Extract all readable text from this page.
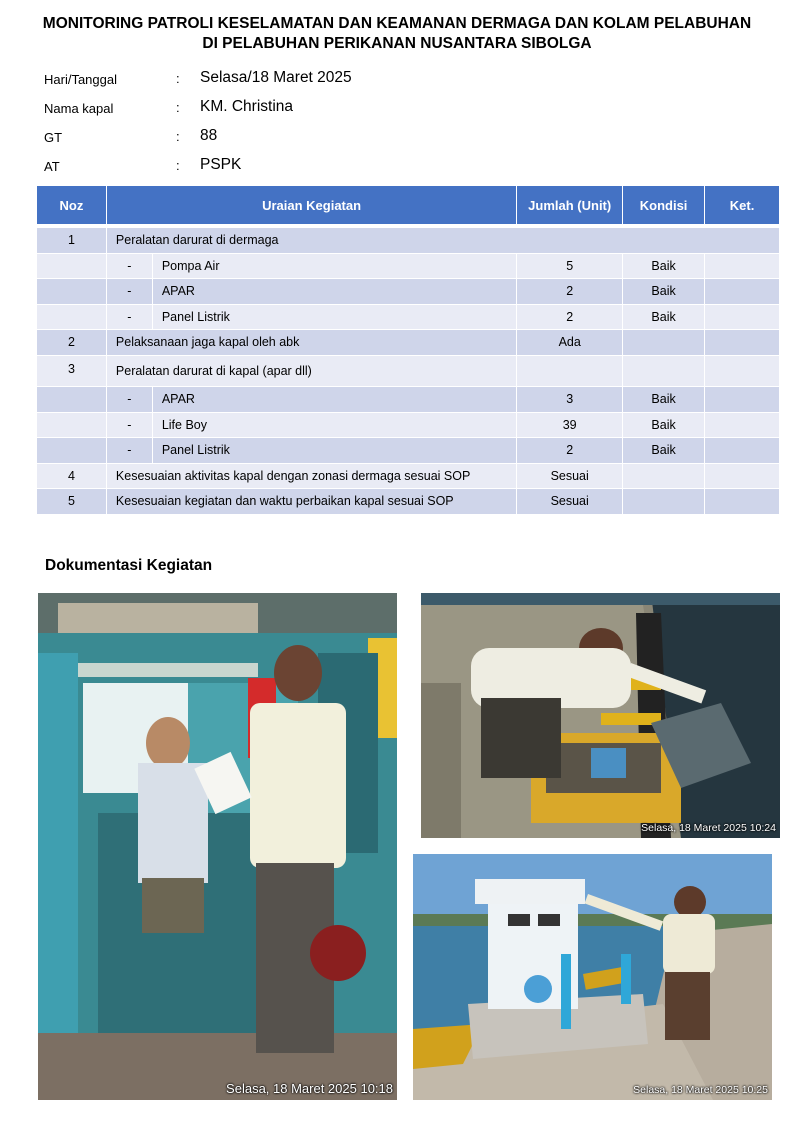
MONITORING PATROLI KESELAMATAN DAN KEAMANAN DERMAGA DAN KOLAM PELABUHAN
DI PELABUHAN PERIKANAN NUSANTARA SIBOLGA
Hari/Tanggal	: Selasa/18 Maret 2025
Nama kapal	: KM. Christina
GT	: 88
AT	: PSPK
Noz	Uraian Kegiatan		Jumlah (Unit)	Kondisi	Ket.

1	Peralatan darurat di dermaga				
	-	Pompa Air	5	Baik	
	-	APAR	2	Baik	
	-	Panel Listrik	2	Baik	
2	Pelaksanaan jaga kapal oleh abk		Ada		
3	Peralatan darurat di kapal (apar dll)				
	-	APAR	3	Baik	
	-	Life Boy	39	Baik	
	-	Panel Listrik	2	Baik	
4	Kesesuaian aktivitas kapal dengan zonasi dermaga sesuai SOP		Sesuai		
5	Kesesuaian kegiatan dan waktu perbaikan kapal sesuai SOP		Sesuai		
Dokumentasi Kegiatan
Selasa, 18 Maret 2025 10:18
Selasa, 18 Maret 2025 10:24
Selasa, 18 Maret 2025 10:25
